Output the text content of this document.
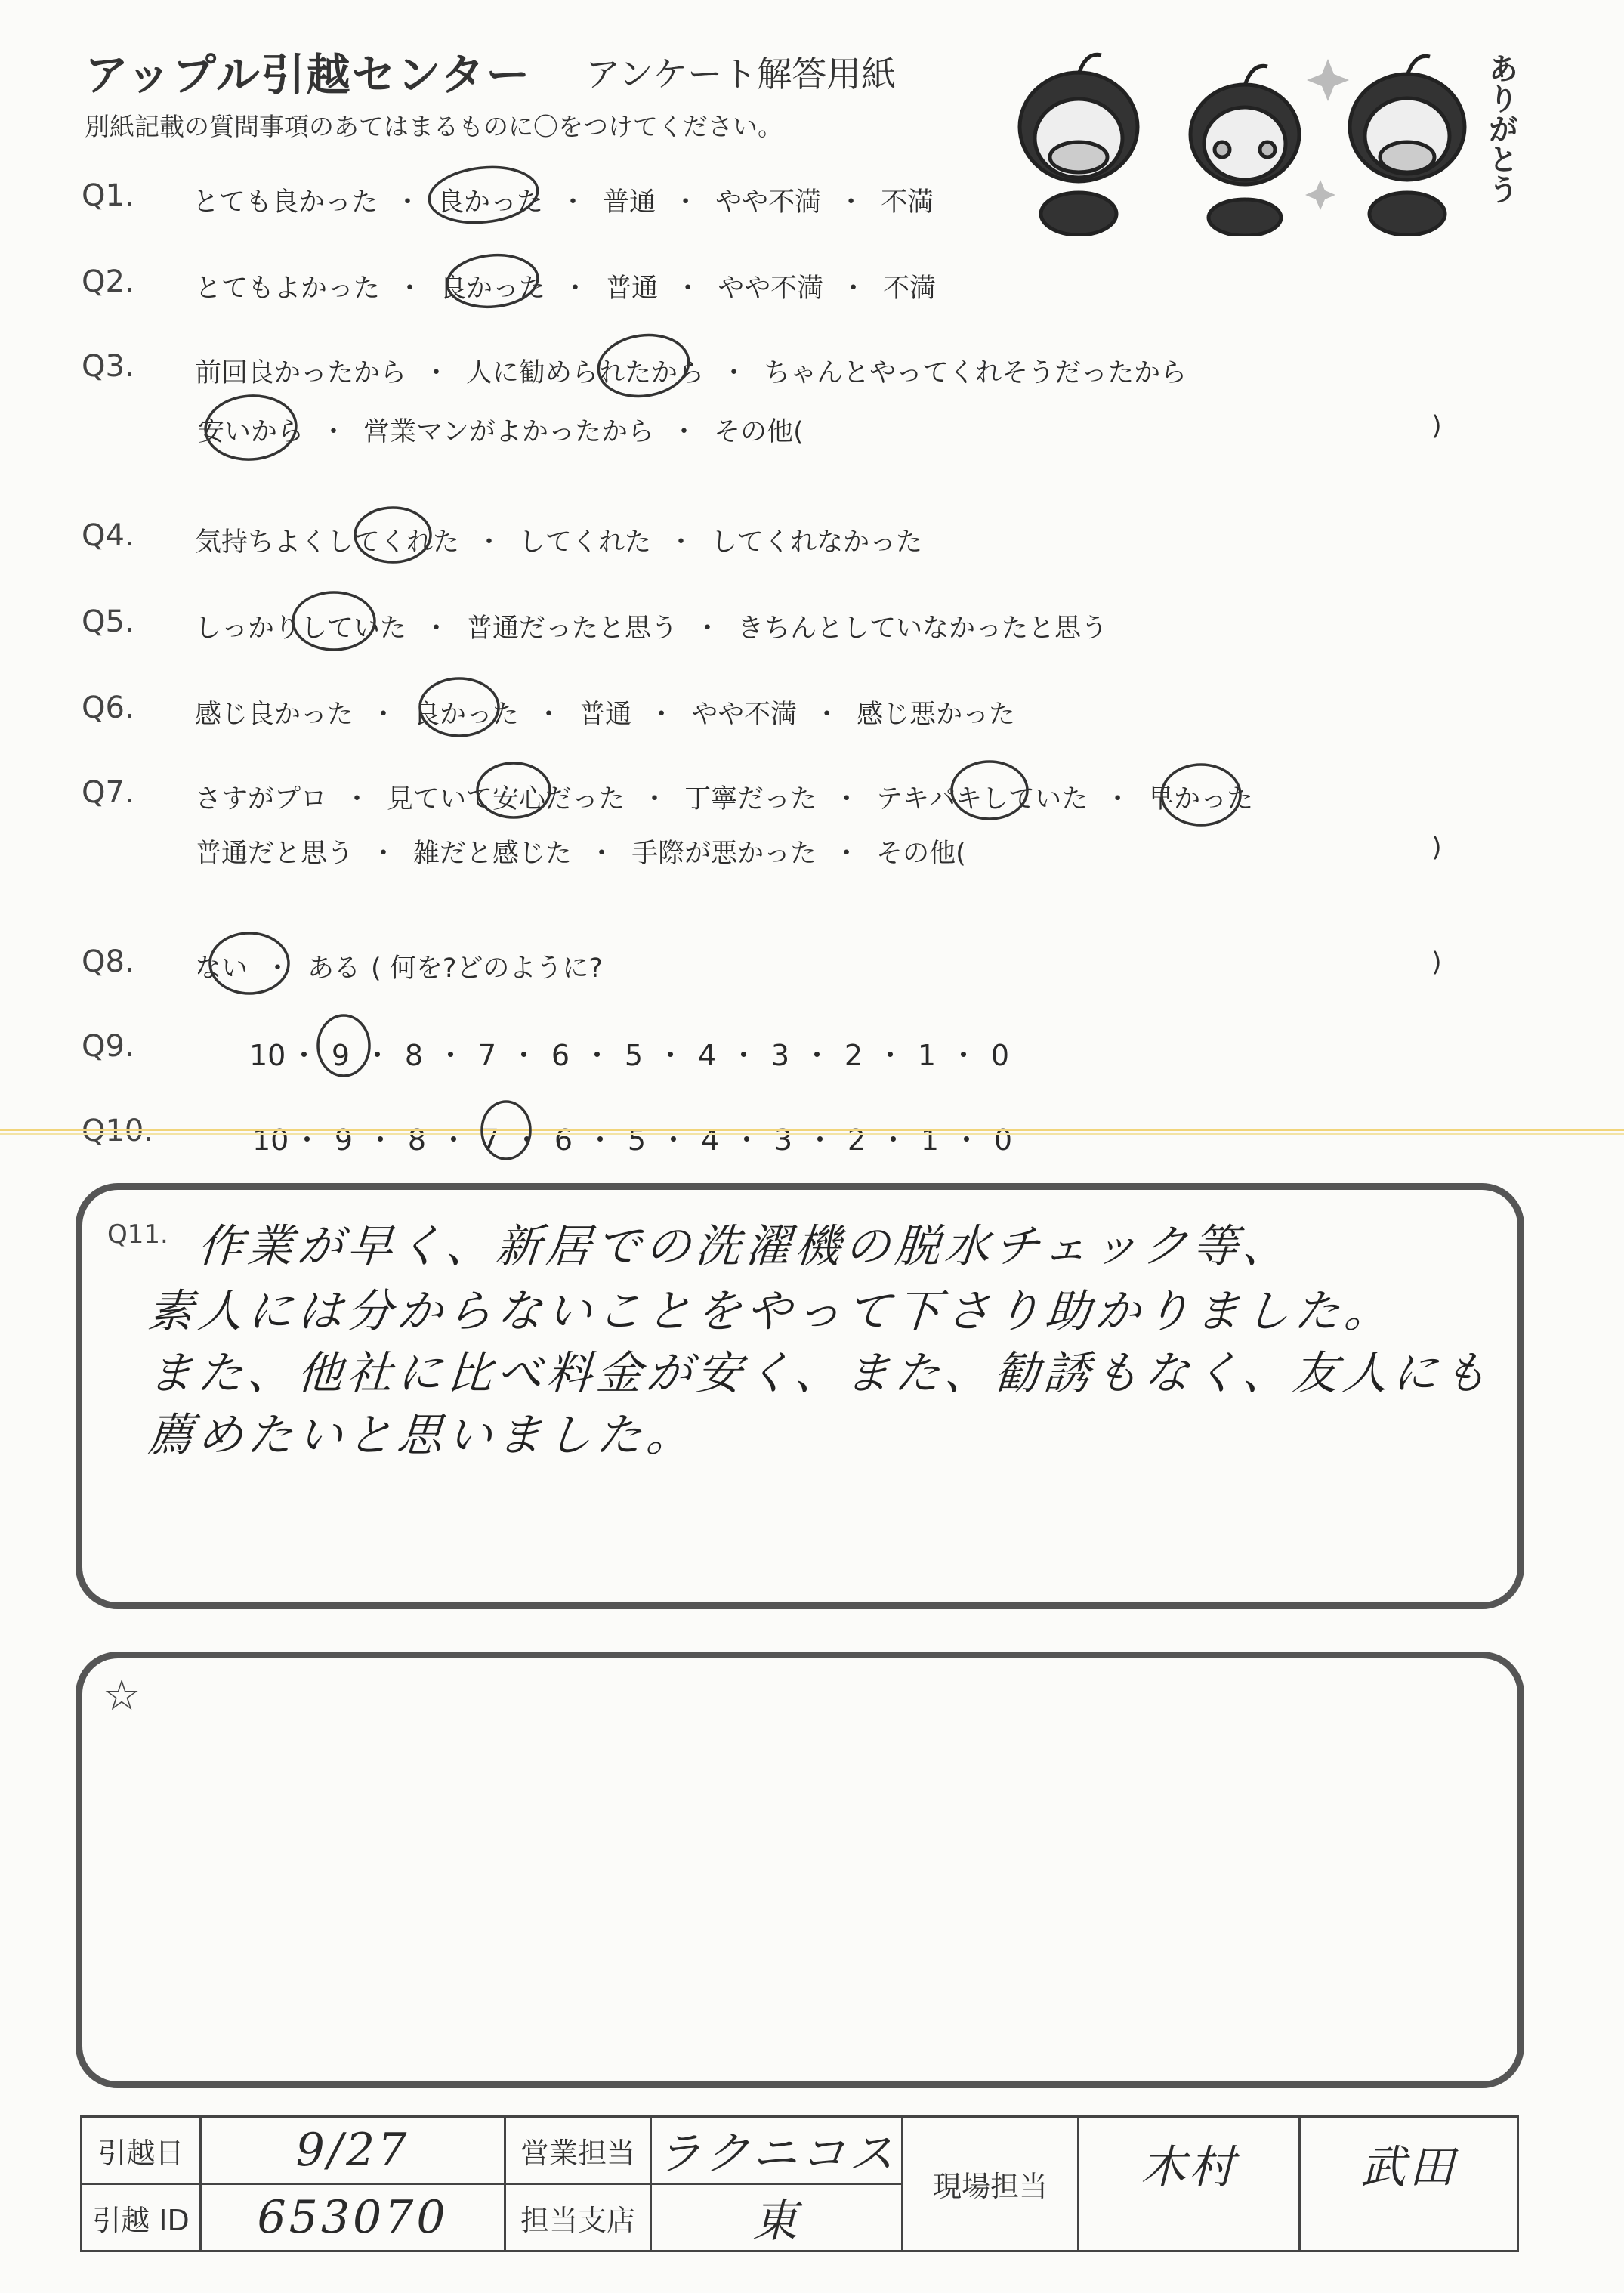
アップル引越センター アンケート解答用紙
別紙記載の質問事項のあてはまるものに〇をつけてください。	ありがとう
Q1. とても良かった ・ 良かった ・ 普通 ・ やや不満 ・ 不満
Q2. とてもよかった ・ 良かった ・ 普通 ・ やや不満 ・ 不満
Q3. 前回良かったから ・ 人に勧められたから ・ ちゃんとやってくれそうだったから
安いから ・ 営業マンがよかったから ・ その他(	)
Q4. 気持ちよくしてくれた ・ してくれた ・ してくれなかった
Q5. しっかりしていた ・ 普通だったと思う ・ きちんとしていなかったと思う
Q6. 感じ良かった ・ 良かった ・ 普通 ・ やや不満 ・ 感じ悪かった
Q7. さすがプロ ・ 見ていて安心だった ・ 丁寧だった ・ テキパキしていた ・ 早かった
普通だと思う ・ 雑だと感じた ・ 手際が悪かった ・ その他(	)
Q8. ない ・ ある ( 何を?どのように?	)
Q9.	10 ・ 9 ・ 8 ・ 7 ・ 6 ・ 5 ・ 4 ・ 3 ・ 2 ・ 1 ・ 0
Q10.	10 ・ 9 ・ 8 ・ 7 ・ 6 ・ 5 ・ 4 ・ 3 ・ 2 ・ 1 ・ 0
Q11. 作業が早く、新居での洗濯機の脱水チェック等、
素人には分からないことをやって下さり助かりました。
また、他社に比べ料金が安く、また、勧誘もなく、友人にも
薦めたいと思いました。
☆
引越日	9/27	営業担当	ラクニコス	現場担当	木村	武田
引越 ID	653070	担当支店	東			
